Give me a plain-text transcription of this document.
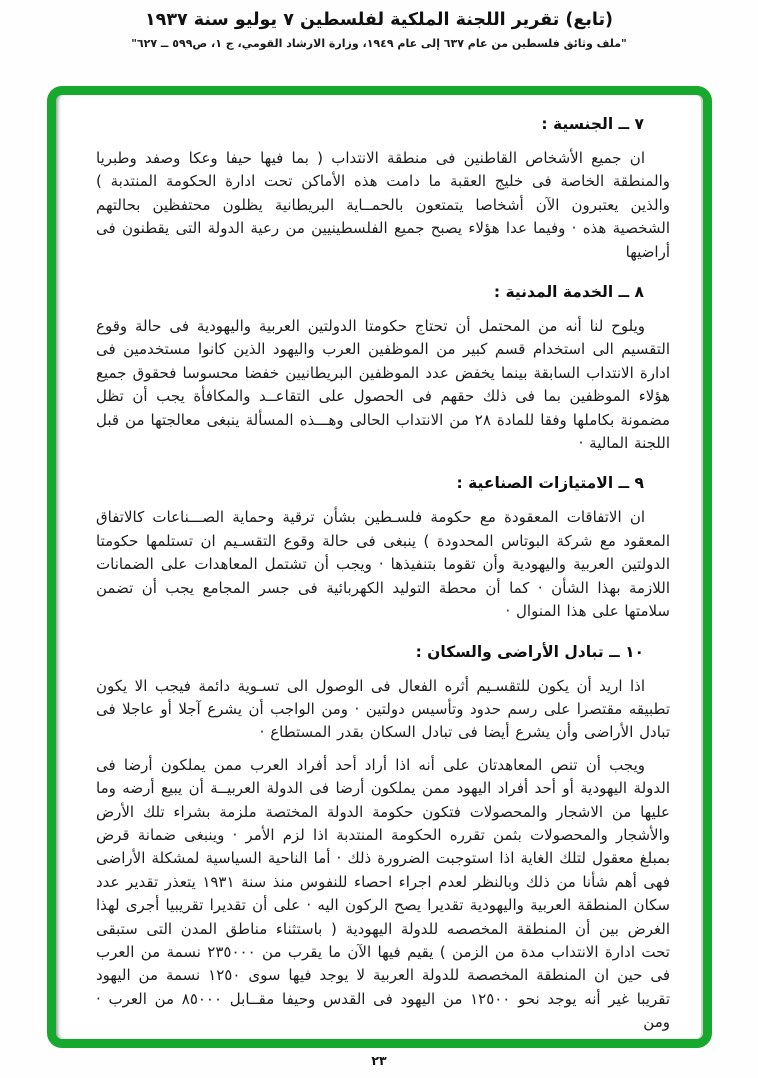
(تابع) تقرير اللجنة الملكية لفلسطين ٧ يوليو سنة ١٩٣٧
"ملف وثائق فلسطين من عام ٦٣٧ إلى عام ١٩٤٩، وزارة الارشاد القومي، ج ١، ص٥٩٩ ــ ٦٢٧"
٧ ــ الجنسية :

ان جميع الأشخاص القاطنين فى منطقة الانتداب ( بما فيها حيفا وعكا وصفد وطبريا والمنطقة الخاصة فى خليج العقبة ما دامت هذه الأماكن تحت ادارة الحكومة المنتدبة ) والذين يعتبرون الآن أشخاصا يتمتعون بالحمــاية البريطانية يظلون محتفظين بحالتهم الشخصية هذه · وفيما عدا هؤلاء يصبح جميع الفلسطينيين من رعية الدولة التى يقطنون فى أراضيها

٨ ــ الخدمة المدنية :

ويلوح لنا أنه من المحتمل أن تحتاج حكومتا الدولتين العربية واليهودية فى حالة وقوع التقسيم الى استخدام قسم كبير من الموظفين العرب واليهود الذين كانوا مستخدمين فى ادارة الانتداب السابقة بينما يخفض عدد الموظفين البريطانيين خفضا محسوسا فحقوق جميع هؤلاء الموظفين بما فى ذلك حقهم فى الحصول على التقاعــد والمكافأة يجب أن تظل مضمونة بكاملها وفقا للمادة ٢٨ من الانتداب الحالى وهـــذه المسألة ينبغى معالجتها من قبل اللجنة المالية ·

٩ ــ الامتيازات الصناعية :

ان الاتفاقات المعقودة مع حكومة فلسـطين بشأن ترقية وحماية الصـــناعات كالاتفاق المعقود مع شركة البوتاس المحدودة ) ينبغى فى حالة وقوع التقسـيم ان تستلمها حكومتا الدولتين العربية واليهودية وأن تقوما بتنفيذها · ويجب أن تشتمل المعاهدات على الضمانات اللازمة بهذا الشأن · كما أن محطة التوليد الكهربائية فى جسر المجامع يجب أن تضمن سلامتها على هذا المنوال ·

١٠ ــ تبادل الأراضى والسكان :

اذا اريد أن يكون للتقسـيم أثره الفعال فى الوصول الى تسـوية دائمة فيجب الا يكون تطبيقه مقتصرا على رسم حدود وتأسيس دولتين · ومن الواجب أن يشرع آجلا أو عاجلا فى تبادل الأراضى وأن يشرع أيضا فى تبادل السكان بقدر المستطاع ·

ويجب أن تنص المعاهدتان على أنه اذا أراد أحد أفراد العرب ممن يملكون أرضا فى الدولة اليهودية أو أحد أفراد اليهود ممن يملكون أرضا فى الدولة العربيــة أن يبيع أرضه وما عليها من الاشجار والمحصولات فتكون حكومة الدولة المختصة ملزمة بشراء تلك الأرض والأشجار والمحصولات بثمن تقرره الحكومة المنتدبة اذا لزم الأمر · وينبغى ضمانة قرض بمبلغ معقول لتلك الغاية اذا استوجبت الضرورة ذلك · أما الناحية السياسية لمشكلة الأراضى فهى أهم شأنا من ذلك وبالنظر لعدم اجراء احصاء للنفوس منذ سنة ١٩٣١ يتعذر تقدير عدد سكان المنطقة العربية واليهودية تقديرا يصح الركون اليه · على أن تقديرا تقريبيا أجرى لهذا الغرض بين أن المنطقة المخصصه للدولة اليهودية ( باستثناء مناطق المدن التى ستبقى تحت ادارة الانتداب مدة من الزمن ) يقيم فيها الآن ما يقرب من ٢٣٥٠٠٠ نسمة من العرب فى حين ان المنطقة المخصصة للدولة العربية لا يوجد فيها سوى ١٢٥٠ نسمة من اليهود تقريبا غير أنه يوجد نحو ١٢٥٠٠ من اليهود فى القدس وحيفا مقــابل ٨٥٠٠٠ من العرب · ومن

٢٣
